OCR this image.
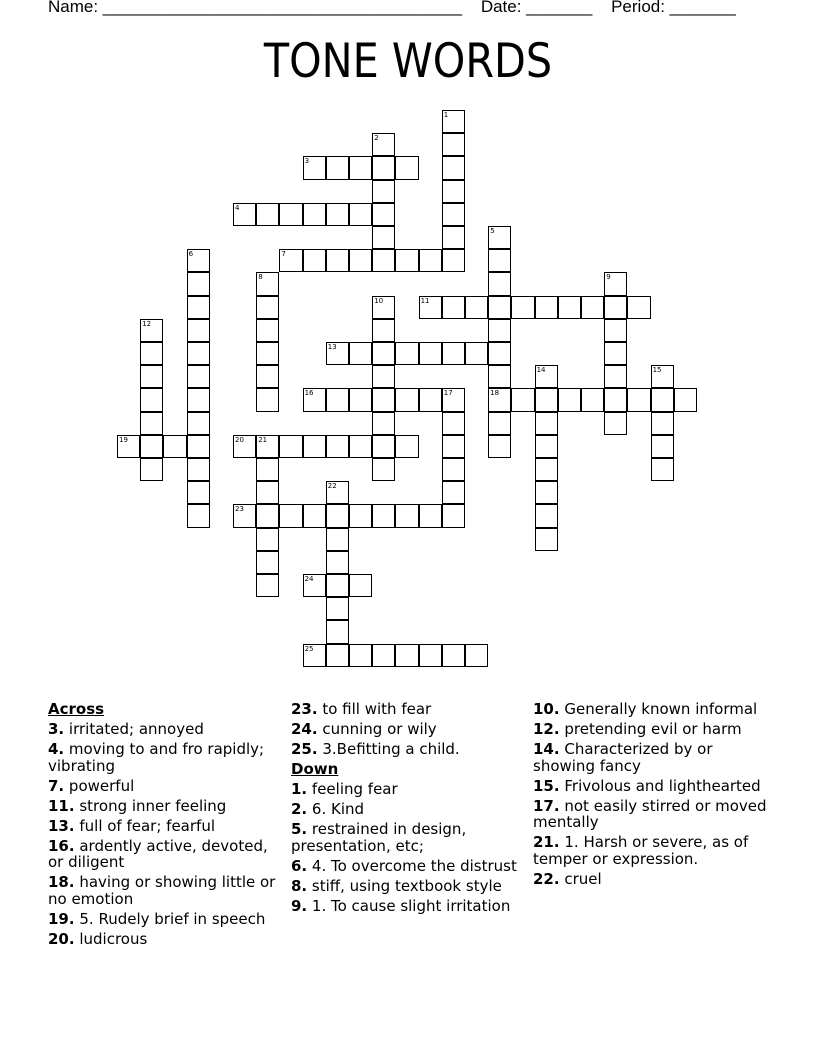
Name: ______________________________________ Date: _______ Period: _______
TONE WORDS
1
2
3
4
5
18
6	7
8	9
10	11
12
13
14	15
16	17
19	20 21
22
23
24
25
Across
3. irritated; annoyed
4. moving to and fro rapidly; vibrating
7. powerful
11. strong inner feeling
13. full of fear; fearful
16. ardently active, devoted, or diligent
18. having or showing little or no emotion
19. 5. Rudely brief in speech
20. ludicrous
23. to fill with fear
24. cunning or wily
25. 3.Befitting a child.
Down
1. feeling fear
2. 6. Kind
5. restrained in design, presentation, etc;
6. 4. To overcome the distrust
8. stiff, using textbook style
9. 1. To cause slight irritation
10. Generally known informal
12. pretending evil or harm
14. Characterized by or showing fancy
15. Frivolous and lighthearted
17. not easily stirred or moved mentally
21. 1. Harsh or severe, as of temper or expression.
22. cruel
